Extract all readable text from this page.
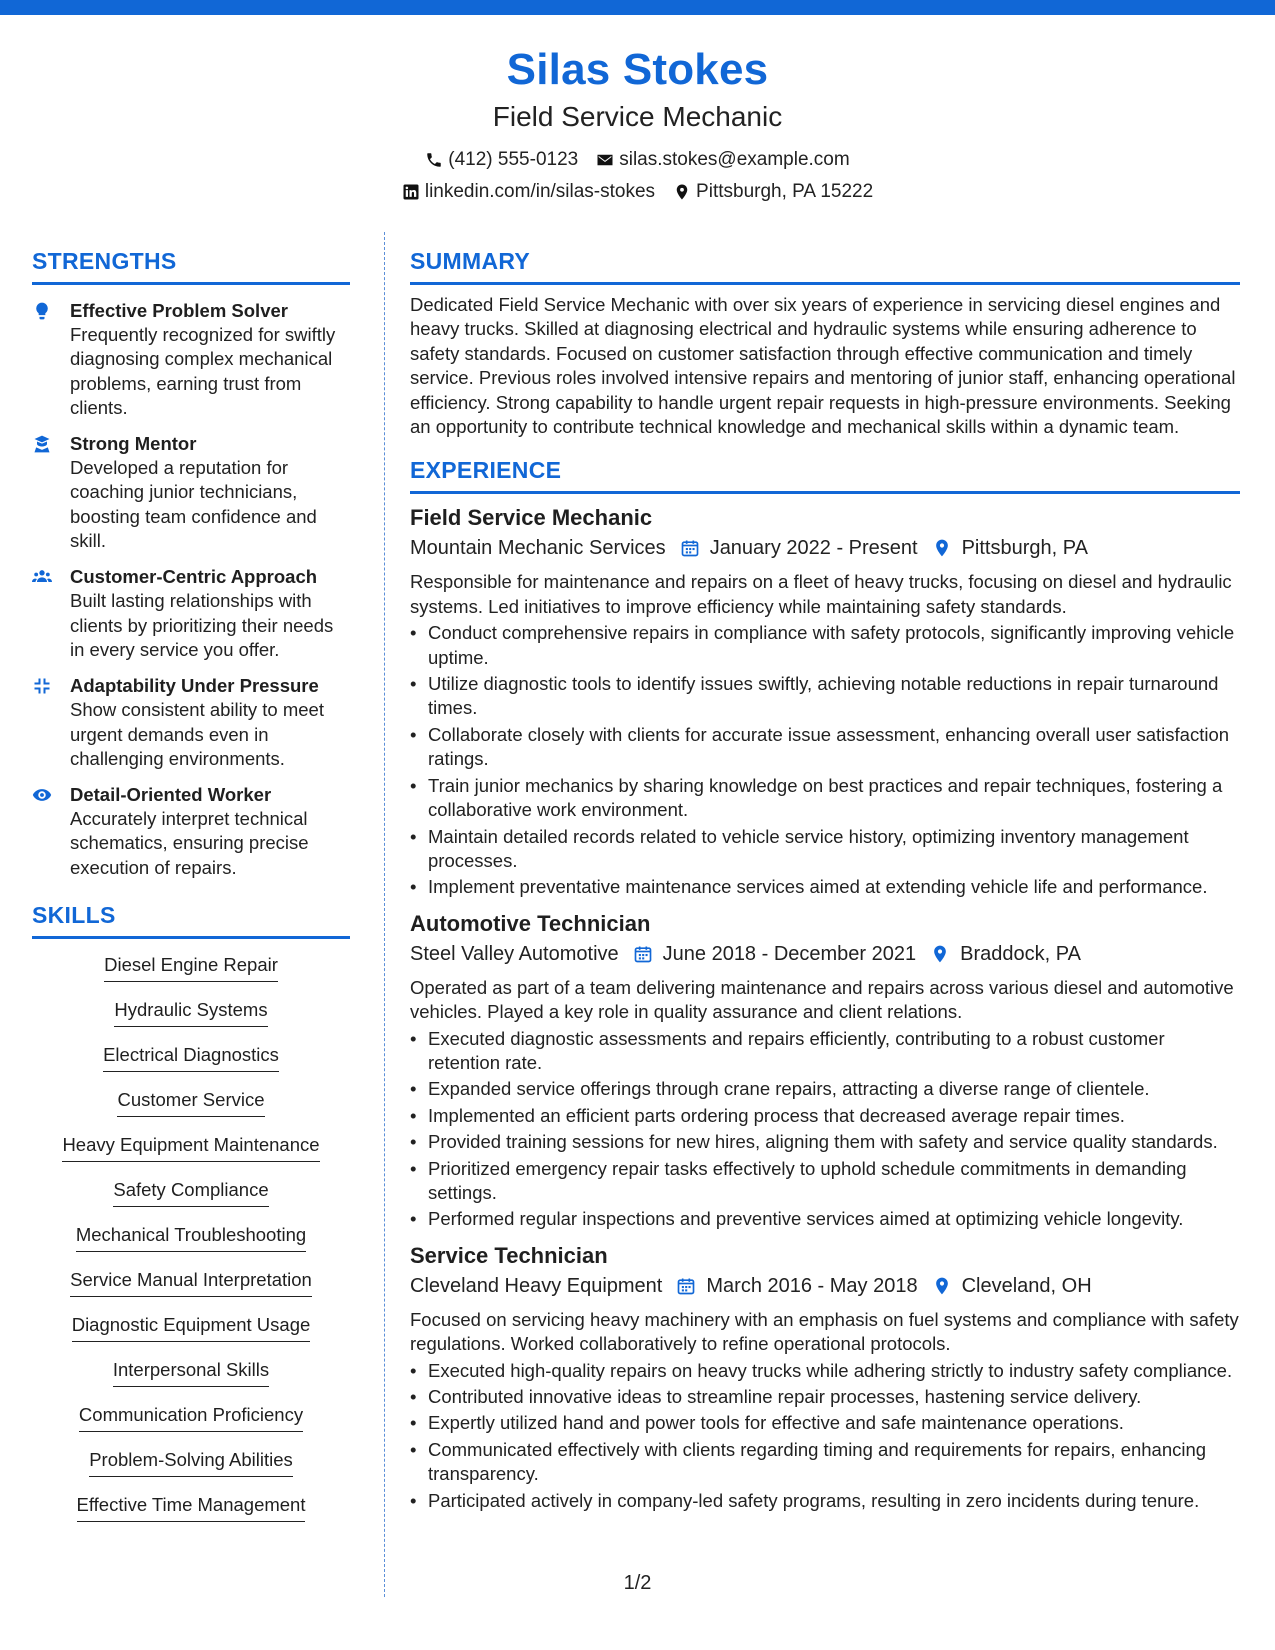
Silas Stokes
Field Service Mechanic
(412) 555-0123 silas.stokes@example.com
linkedin.com/in/silas-stokes Pittsburgh, PA 15222
STRENGTHS
Effective Problem Solver
Frequently recognized for swiftly diagnosing complex mechanical problems, earning trust from clients.
Strong Mentor
Developed a reputation for coaching junior technicians, boosting team confidence and skill.
Customer-Centric Approach
Built lasting relationships with clients by prioritizing their needs in every service you offer.
Adaptability Under Pressure
Show consistent ability to meet urgent demands even in challenging environments.
Detail-Oriented Worker
Accurately interpret technical schematics, ensuring precise execution of repairs.
SKILLS
Diesel Engine Repair
Hydraulic Systems
Electrical Diagnostics
Customer Service
Heavy Equipment Maintenance
Safety Compliance
Mechanical Troubleshooting
Service Manual Interpretation
Diagnostic Equipment Usage
Interpersonal Skills
Communication Proficiency
Problem-Solving Abilities
Effective Time Management
SUMMARY
Dedicated Field Service Mechanic with over six years of experience in servicing diesel engines and heavy trucks. Skilled at diagnosing electrical and hydraulic systems while ensuring adherence to safety standards. Focused on customer satisfaction through effective communication and timely service. Previous roles involved intensive repairs and mentoring of junior staff, enhancing operational efficiency. Strong capability to handle urgent repair requests in high-pressure environments. Seeking an opportunity to contribute technical knowledge and mechanical skills within a dynamic team.
EXPERIENCE
Field Service Mechanic
Mountain Mechanic Services January 2022 - Present Pittsburgh, PA
Responsible for maintenance and repairs on a fleet of heavy trucks, focusing on diesel and hydraulic systems. Led initiatives to improve efficiency while maintaining safety standards.
• Conduct comprehensive repairs in compliance with safety protocols, significantly improving vehicle uptime.
• Utilize diagnostic tools to identify issues swiftly, achieving notable reductions in repair turnaround times.
• Collaborate closely with clients for accurate issue assessment, enhancing overall user satisfaction ratings.
• Train junior mechanics by sharing knowledge on best practices and repair techniques, fostering a collaborative work environment.
• Maintain detailed records related to vehicle service history, optimizing inventory management processes.
• Implement preventative maintenance services aimed at extending vehicle life and performance.
Automotive Technician
Steel Valley Automotive June 2018 - December 2021 Braddock, PA
Operated as part of a team delivering maintenance and repairs across various diesel and automotive vehicles. Played a key role in quality assurance and client relations.
• Executed diagnostic assessments and repairs efficiently, contributing to a robust customer retention rate.
• Expanded service offerings through crane repairs, attracting a diverse range of clientele.
• Implemented an efficient parts ordering process that decreased average repair times.
• Provided training sessions for new hires, aligning them with safety and service quality standards.
• Prioritized emergency repair tasks effectively to uphold schedule commitments in demanding settings.
• Performed regular inspections and preventive services aimed at optimizing vehicle longevity.
Service Technician
Cleveland Heavy Equipment March 2016 - May 2018 Cleveland, OH
Focused on servicing heavy machinery with an emphasis on fuel systems and compliance with safety regulations. Worked collaboratively to refine operational protocols.
• Executed high-quality repairs on heavy trucks while adhering strictly to industry safety compliance.
• Contributed innovative ideas to streamline repair processes, hastening service delivery.
• Expertly utilized hand and power tools for effective and safe maintenance operations.
• Communicated effectively with clients regarding timing and requirements for repairs, enhancing transparency.
• Participated actively in company-led safety programs, resulting in zero incidents during tenure.
1/2
